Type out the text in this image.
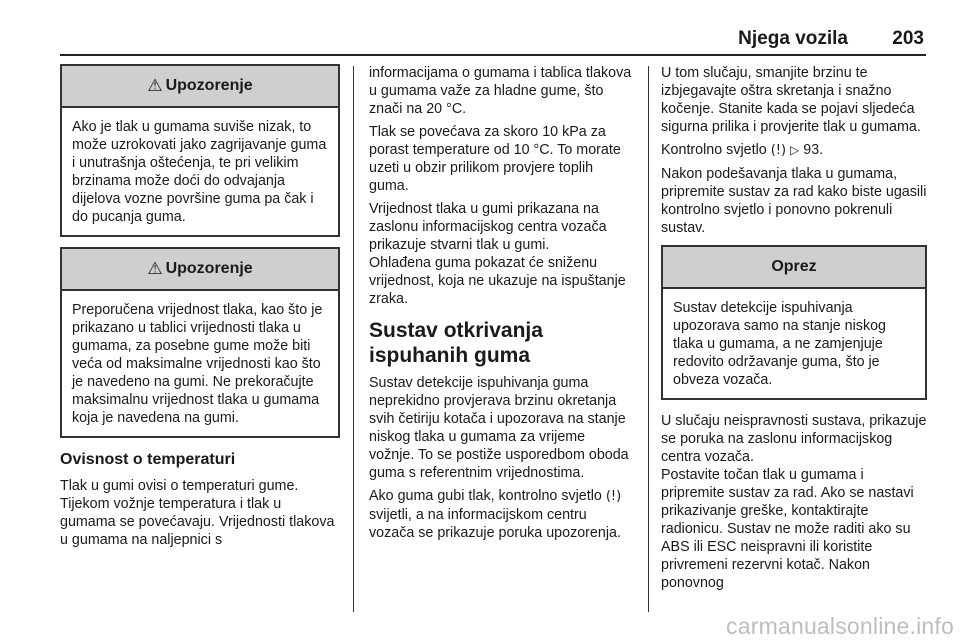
Njega vozila 203
⚠ Upozorenje

Ako je tlak u gumama suviše nizak, to može uzrokovati jako zagrijavanje guma i unutrašnja oštećenja, te pri velikim brzinama može doći do odvajanja dijelova vozne površine guma pa čak i do pucanja guma.

⚠ Upozorenje

Preporučena vrijednost tlaka, kao što je prikazano u tablici vrijednosti tlaka u gumama, za posebne gume može biti veća od maksimalne vrijednosti kao što je navedeno na gumi. Ne prekoračujte maksimalnu vrijednost tlaka u gumama koja je navedena na gumi.

Ovisnost o temperaturi

Tlak u gumi ovisi o temperaturi gume. Tijekom vožnje temperatura i tlak u gumama se povećavaju. Vrijednosti tlakova u gumama na naljepnici s

informacijama o gumama i tablica tlakova u gumama važe za hladne gume, što znači na 20 °C.

Tlak se povećava za skoro 10 kPa za porast temperature od 10 °C. To morate uzeti u obzir prilikom provjere toplih guma.

Vrijednost tlaka u gumi prikazana na zaslonu informacijskog centra vozača prikazuje stvarni tlak u gumi.

Ohlađena guma pokazat će sniženu vrijednost, koja ne ukazuje na ispuštanje zraka.

Sustav otkrivanja ispuhanih guma

Sustav detekcije ispuhivanja guma neprekidno provjerava brzinu okretanja svih četiriju kotača i upozorava na stanje niskog tlaka u gumama za vrijeme vožnje. To se postiže usporedbom oboda guma s referentnim vrijednostima.

Ako guma gubi tlak, kontrolno svjetlo (!) svijetli, a na informacijskom centru vozača se prikazuje poruka upozorenja.

U tom slučaju, smanjite brzinu te izbjegavajte oštra skretanja i snažno kočenje. Stanite kada se pojavi sljedeća sigurna prilika i provjerite tlak u gumama.

Kontrolno svjetlo (!) ▷ 93.

Nakon podešavanja tlaka u gumama, pripremite sustav za rad kako biste ugasili kontrolno svjetlo i ponovno pokrenuli sustav.

Oprez

Sustav detekcije ispuhivanja upozorava samo na stanje niskog tlaka u gumama, a ne zamjenjuje redovito održavanje guma, što je obveza vozača.

U slučaju neispravnosti sustava, prikazuje se poruka na zaslonu informacijskog centra vozača.

Postavite točan tlak u gumama i pripremite sustav za rad. Ako se nastavi prikazivanje greške, kontaktirajte radionicu. Sustav ne može raditi ako su ABS ili ESC neispravni ili koristite privremeni rezervni kotač. Nakon ponovnog

carmanualsonline.info
